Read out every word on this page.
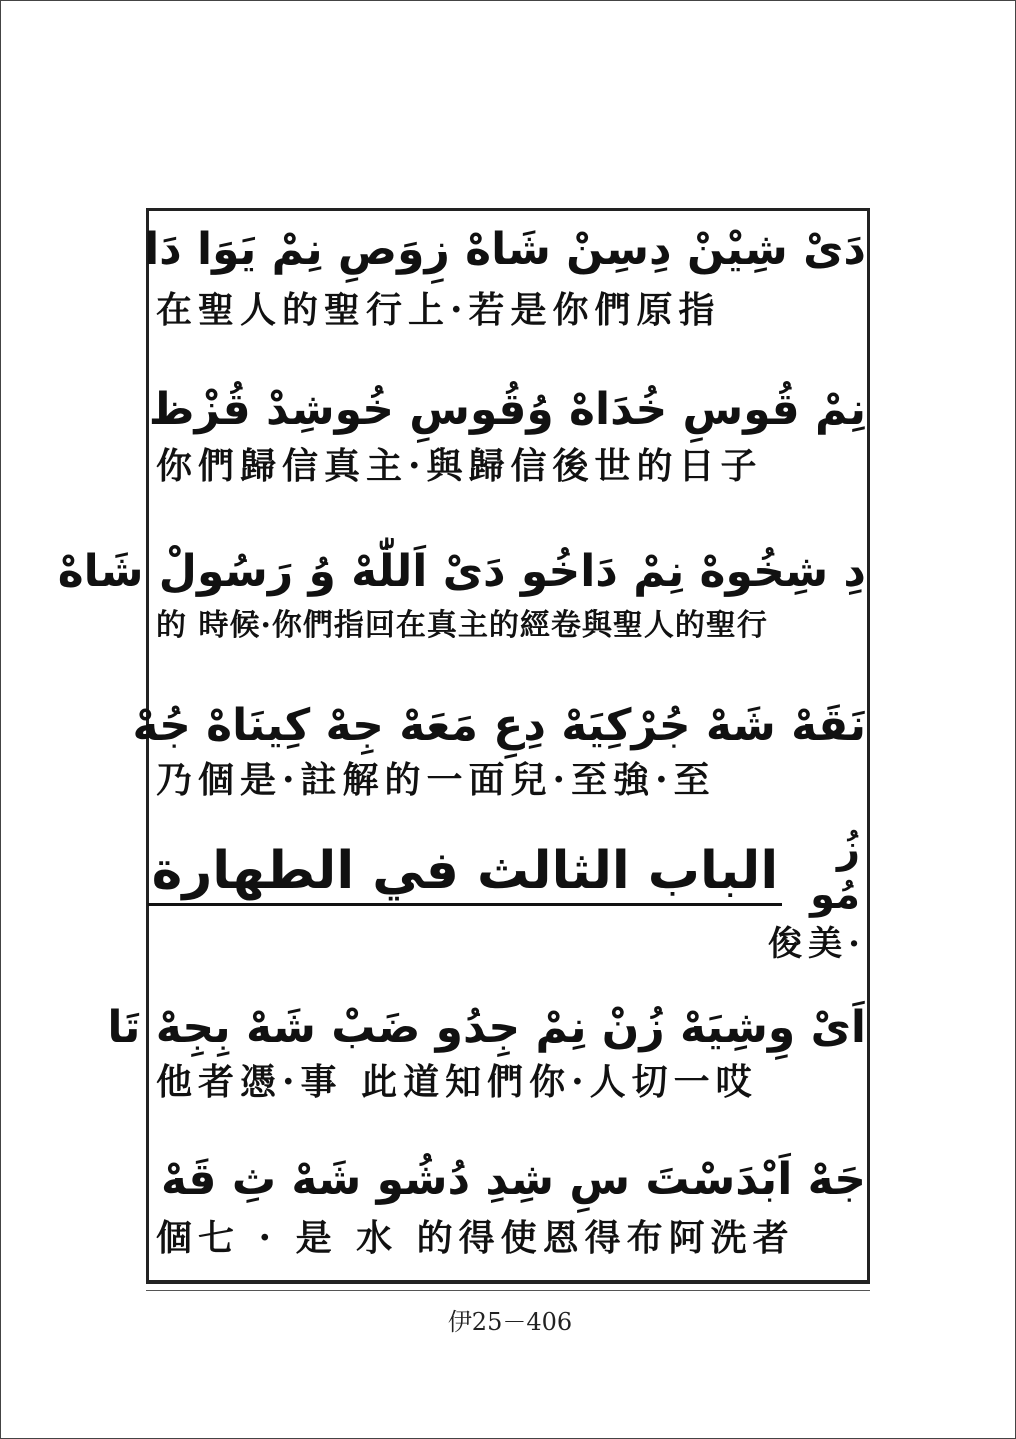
دَىْ شِيْنْ دِسِنْ شَاهْ زِوَصِ نِمْ يَوَا دَا
在聖人的聖行上·若是你們原指
نِمْ قُوسِ خُدَاهْ وُقُوسِ خُوشِدْ قُزْظ
你們歸信真主·與歸信後世的日子
دِ شِخُوهْ نِمْ دَاخُو دَىْ اَللّٰهْ وُ رَسُولْ شَاهْ
的 時候·你們指回在真主的經卷與聖人的聖行
نَقَهْ شَهْ جُرْكِيَهْ دِعِ مَعَهْ جِهْ كِينَاهْ جُهْ
乃個是·註解的一面兒·至強·至
زُ مُو
الباب الثالث في الطهارة
俊美·
اَىْ وِشِيَهْ زُنْ نِمْ جِدُو ضَبْ شَهْ بِجِهْ تَا
他者憑·事 此道知們你·人切一哎
جَهْ اَبْدَسْتَ سِ شِدِ دُشُو شَهْ ثِ قَهْ
個七 · 是 水 的得使恩得布阿洗者
伊25－406
